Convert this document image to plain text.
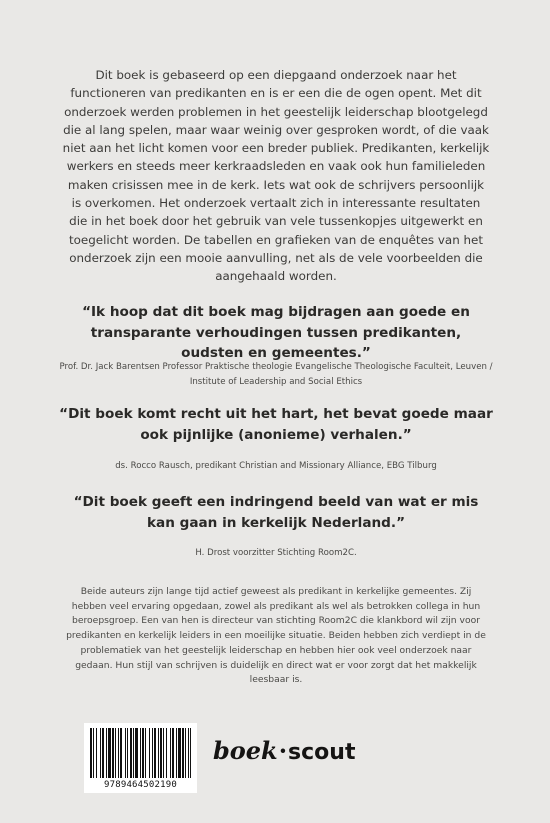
Dit boek is gebaseerd op een diepgaand onderzoek naar het functioneren van predikanten en is er een die de ogen opent. Met dit onderzoek werden problemen in het geestelijk leiderschap blootgelegd die al lang spelen, maar waar weinig over gesproken wordt, of die vaak niet aan het licht komen voor een breder publiek. Predikanten, kerkelijk werkers en steeds meer kerkraadsleden en vaak ook hun familieleden maken crisissen mee in de kerk. Iets wat ook de schrijvers persoonlijk is overkomen. Het onderzoek vertaalt zich in interessante resultaten die in het boek door het gebruik van vele tussenkopjes uitgewerkt en toegelicht worden. De tabellen en grafieken van de enquêtes van het onderzoek zijn een mooie aanvulling, net als de vele voorbeelden die aangehaald worden.

“Ik hoop dat dit boek mag bijdragen aan goede en transparante verhoudingen tussen predikanten, oudsten en gemeentes.”

Prof. Dr. Jack Barentsen Professor Praktische theologie Evangelische Theologische Faculteit, Leuven / Institute of Leadership and Social Ethics

“Dit boek komt recht uit het hart, het bevat goede maar ook pijnlijke (anonieme) verhalen.”

ds. Rocco Rausch, predikant Christian and Missionary Alliance, EBG Tilburg

“Dit boek geeft een indringend beeld van wat er mis kan gaan in kerkelijk Nederland.”

H. Drost voorzitter Stichting Room2C.

Beide auteurs zijn lange tijd actief geweest als predikant in kerkelijke gemeentes. Zij hebben veel ervaring opgedaan, zowel als predikant als wel als betrokken collega in hun beroepsgroep. Een van hen is directeur van stichting Room2C die klankbord wil zijn voor predikanten en kerkelijk leiders in een moeilijke situatie. Beiden hebben zich verdiept in de problematiek van het geestelijk leiderschap en hebben hier ook veel onderzoek naar gedaan. Hun stijl van schrijven is duidelijk en direct wat er voor zorgt dat het makkelijk leesbaar is.

9789464502190
boek·scout
